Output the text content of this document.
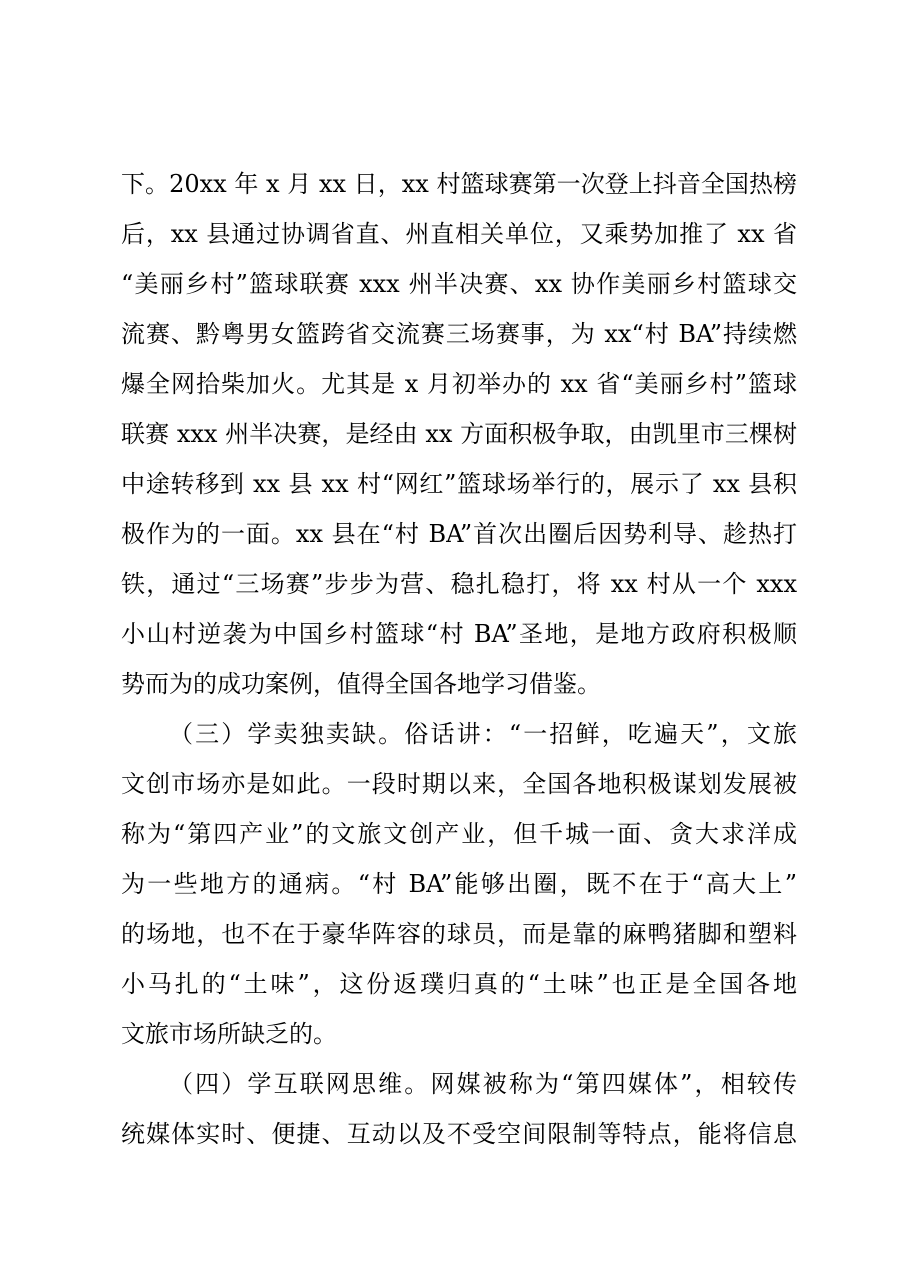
下。20xx 年 x 月 xx 日，xx 村篮球赛第一次登上抖音全国热榜

后，xx 县通过协调省直、州直相关单位，又乘势加推了 xx 省

“美丽乡村”篮球联赛 xxx 州半决赛、xx 协作美丽乡村篮球交

流赛、黔粤男女篮跨省交流赛三场赛事，为 xx“村 BA”持续燃

爆全网拾柴加火。尤其是 x 月初举办的 xx 省“美丽乡村”篮球

联赛 xxx 州半决赛，是经由 xx 方面积极争取，由凯里市三棵树

中途转移到 xx 县 xx 村“网红”篮球场举行的，展示了 xx 县积

极作为的一面。xx 县在“村 BA”首次出圈后因势利导、趁热打

铁，通过“三场赛”步步为营、稳扎稳打，将 xx 村从一个 xxx

小山村逆袭为中国乡村篮球“村 BA”圣地，是地方政府积极顺

势而为的成功案例，值得全国各地学习借鉴。

（三）学卖独卖缺。俗话讲：“一招鲜，吃遍天”，文旅

文创市场亦是如此。一段时期以来，全国各地积极谋划发展被

称为“第四产业”的文旅文创产业，但千城一面、贪大求洋成

为一些地方的通病。“村 BA”能够出圈，既不在于“高大上”

的场地，也不在于豪华阵容的球员，而是靠的麻鸭猪脚和塑料

小马扎的“土味”，这份返璞归真的“土味”也正是全国各地

文旅市场所缺乏的。

（四）学互联网思维。网媒被称为“第四媒体”，相较传

统媒体实时、便捷、互动以及不受空间限制等特点，能将信息
